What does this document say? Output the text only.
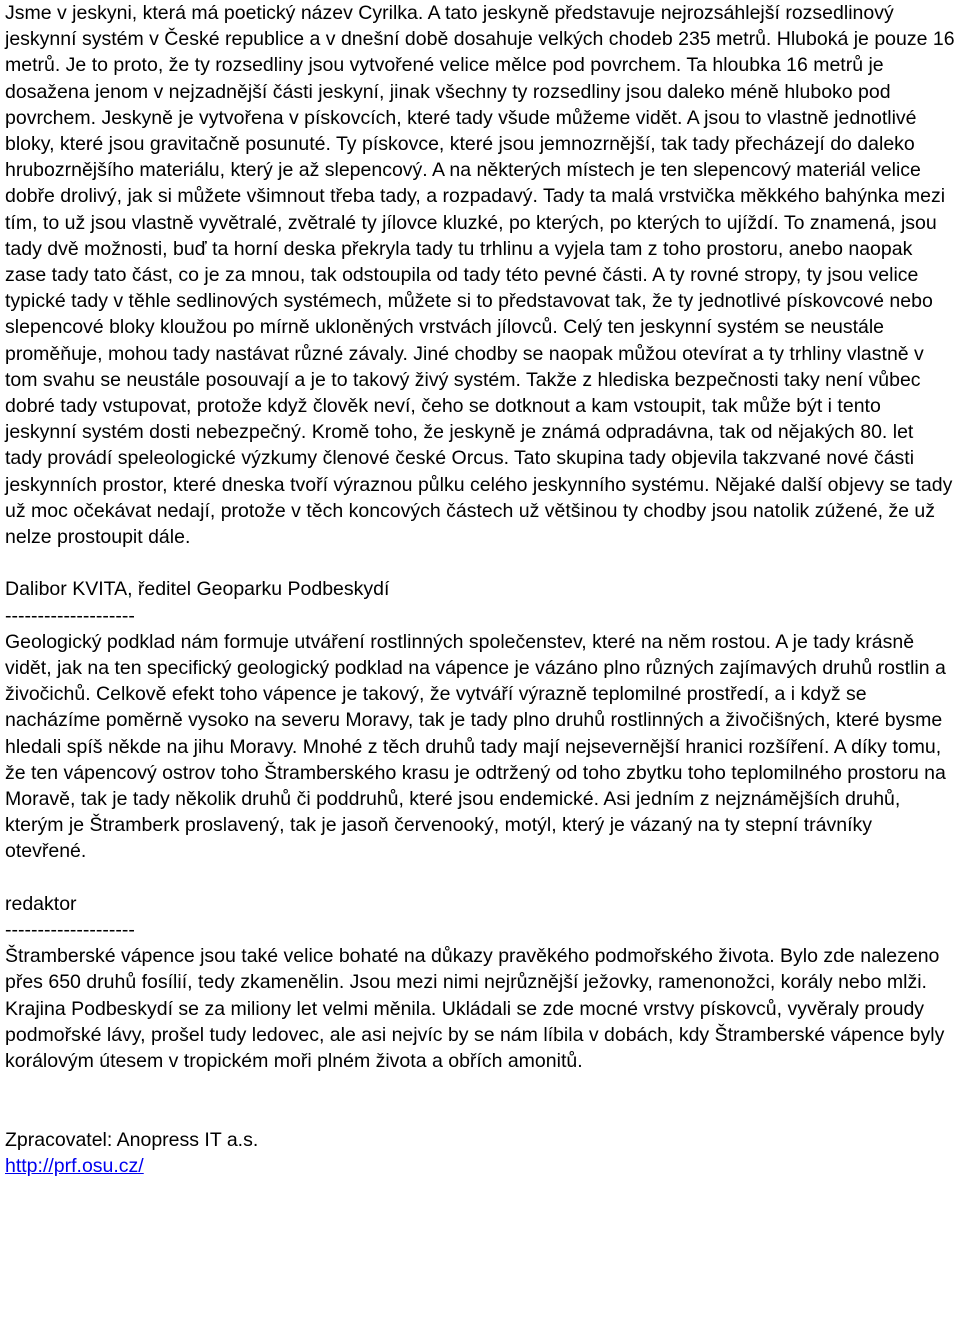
Jsme v jeskyni, která má poetický název Cyrilka. A tato jeskyně představuje nejrozsáhlejší rozsedlinový jeskynní systém v České republice a v dnešní době dosahuje velkých chodeb 235 metrů. Hluboká je pouze 16 metrů. Je to proto, že ty rozsedliny jsou vytvořené velice mělce pod povrchem. Ta hloubka 16 metrů je dosažena jenom v nejzadnější části jeskyní, jinak všechny ty rozsedliny jsou daleko méně hluboko pod povrchem. Jeskyně je vytvořena v pískovcích, které tady všude můžeme vidět. A jsou to vlastně jednotlivé bloky, které jsou gravitačně posunuté. Ty pískovce, které jsou jemnozrnější, tak tady přecházejí do daleko hrubozrnějšího materiálu, který je až slepencový. A na některých místech je ten slepencový materiál velice dobře drolivý, jak si můžete všimnout třeba tady, a rozpadavý. Tady ta malá vrstvička měkkého bahýnka mezi tím, to už jsou vlastně vyvětralé, zvětralé ty jílovce kluzké, po kterých, po kterých to ujíždí. To znamená, jsou tady dvě možnosti, buď ta horní deska překryla tady tu trhlinu a vyjela tam z toho prostoru, anebo naopak zase tady tato část, co je za mnou, tak odstoupila od tady této pevné části. A ty rovné stropy, ty jsou velice typické tady v těhle sedlinových systémech, můžete si to představovat tak, že ty jednotlivé pískovcové nebo slepencové bloky kloužou po mírně ukloněných vrstvách jílovců. Celý ten jeskynní systém se neustále proměňuje, mohou tady nastávat různé závaly. Jiné chodby se naopak můžou otevírat a ty trhliny vlastně v tom svahu se neustále posouvají a je to takový živý systém. Takže z hlediska bezpečnosti taky není vůbec dobré tady vstupovat, protože když člověk neví, čeho se dotknout a kam vstoupit, tak může být i tento jeskynní systém dosti nebezpečný. Kromě toho, že jeskyně je známá odpradávna, tak od nějakých 80. let tady provádí speleologické výzkumy členové české Orcus. Tato skupina tady objevila takzvané nové části jeskynních prostor, které dneska tvoří výraznou půlku celého jeskynního systému. Nějaké další objevy se tady už moc očekávat nedají, protože v těch koncových částech už většinou ty chodby jsou natolik zúžené, že už nelze prostoupit dále.

Dalibor KVITA, ředitel Geoparku Podbeskydí

--------------------

Geologický podklad nám formuje utváření rostlinných společenstev, které na něm rostou. A je tady krásně vidět, jak na ten specifický geologický podklad na vápence je vázáno plno různých zajímavých druhů rostlin a živočichů. Celkově efekt toho vápence je takový, že vytváří výrazně teplomilné prostředí, a i když se nacházíme poměrně vysoko na severu Moravy, tak je tady plno druhů rostlinných a živočišných, které bysme hledali spíš někde na jihu Moravy. Mnohé z těch druhů tady mají nejsevernější hranici rozšíření. A díky tomu, že ten vápencový ostrov toho Štramberského krasu je odtržený od toho zbytku toho teplomilného prostoru na Moravě, tak je tady několik druhů či poddruhů, které jsou endemické. Asi jedním z nejznámějších druhů, kterým je Štramberk proslavený, tak je jasoň červenooký, motýl, který je vázaný na ty stepní trávníky otevřené.

redaktor

--------------------

Štramberské vápence jsou také velice bohaté na důkazy pravěkého podmořského života. Bylo zde nalezeno přes 650 druhů fosílií, tedy zkamenělin. Jsou mezi nimi nejrůznější ježovky, ramenonožci, korály nebo mlži. Krajina Podbeskydí se za miliony let velmi měnila. Ukládali se zde mocné vrstvy pískovců, vyvěraly proudy podmořské lávy, prošel tudy ledovec, ale asi nejvíc by se nám líbila v dobách, kdy Štramberské vápence byly korálovým útesem v tropickém moři plném života a obřích amonitů.

Zpracovatel: Anopress IT a.s.

http://prf.osu.cz/
